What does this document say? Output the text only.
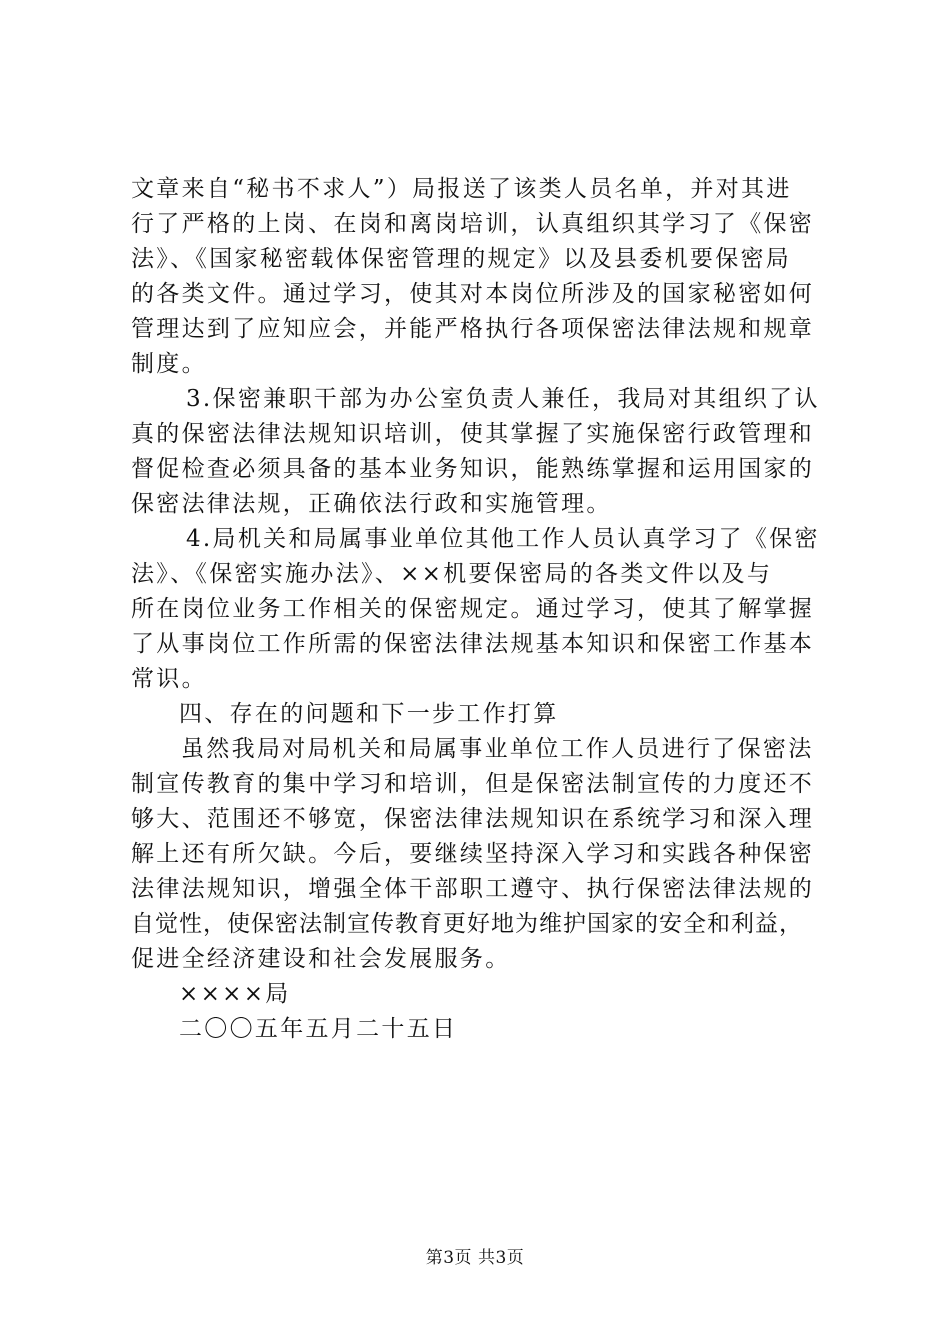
文章来自“秘书不求人”）局报送了该类人员名单，并对其进
行了严格的上岗、在岗和离岗培训，认真组织其学习了《保密
法》、《国家秘密载体保密管理的规定》以及县委机要保密局
的各类文件。通过学习，使其对本岗位所涉及的国家秘密如何
管理达到了应知应会，并能严格执行各项保密法律法规和规章
制度。
3.保密兼职干部为办公室负责人兼任，我局对其组织了认
真的保密法律法规知识培训，使其掌握了实施保密行政管理和
督促检查必须具备的基本业务知识，能熟练掌握和运用国家的
保密法律法规，正确依法行政和实施管理。
4.局机关和局属事业单位其他工作人员认真学习了《保密
法》、《保密实施办法》、××机要保密局的各类文件以及与
所在岗位业务工作相关的保密规定。通过学习，使其了解掌握
了从事岗位工作所需的保密法律法规基本知识和保密工作基本
常识。
四、存在的问题和下一步工作打算
虽然我局对局机关和局属事业单位工作人员进行了保密法
制宣传教育的集中学习和培训，但是保密法制宣传的力度还不
够大、范围还不够宽，保密法律法规知识在系统学习和深入理
解上还有所欠缺。今后，要继续坚持深入学习和实践各种保密
法律法规知识，增强全体干部职工遵守、执行保密法律法规的
自觉性，使保密法制宣传教育更好地为维护国家的安全和利益，
促进全经济建设和社会发展服务。
××××局
二〇〇五年五月二十五日
第3页 共3页
